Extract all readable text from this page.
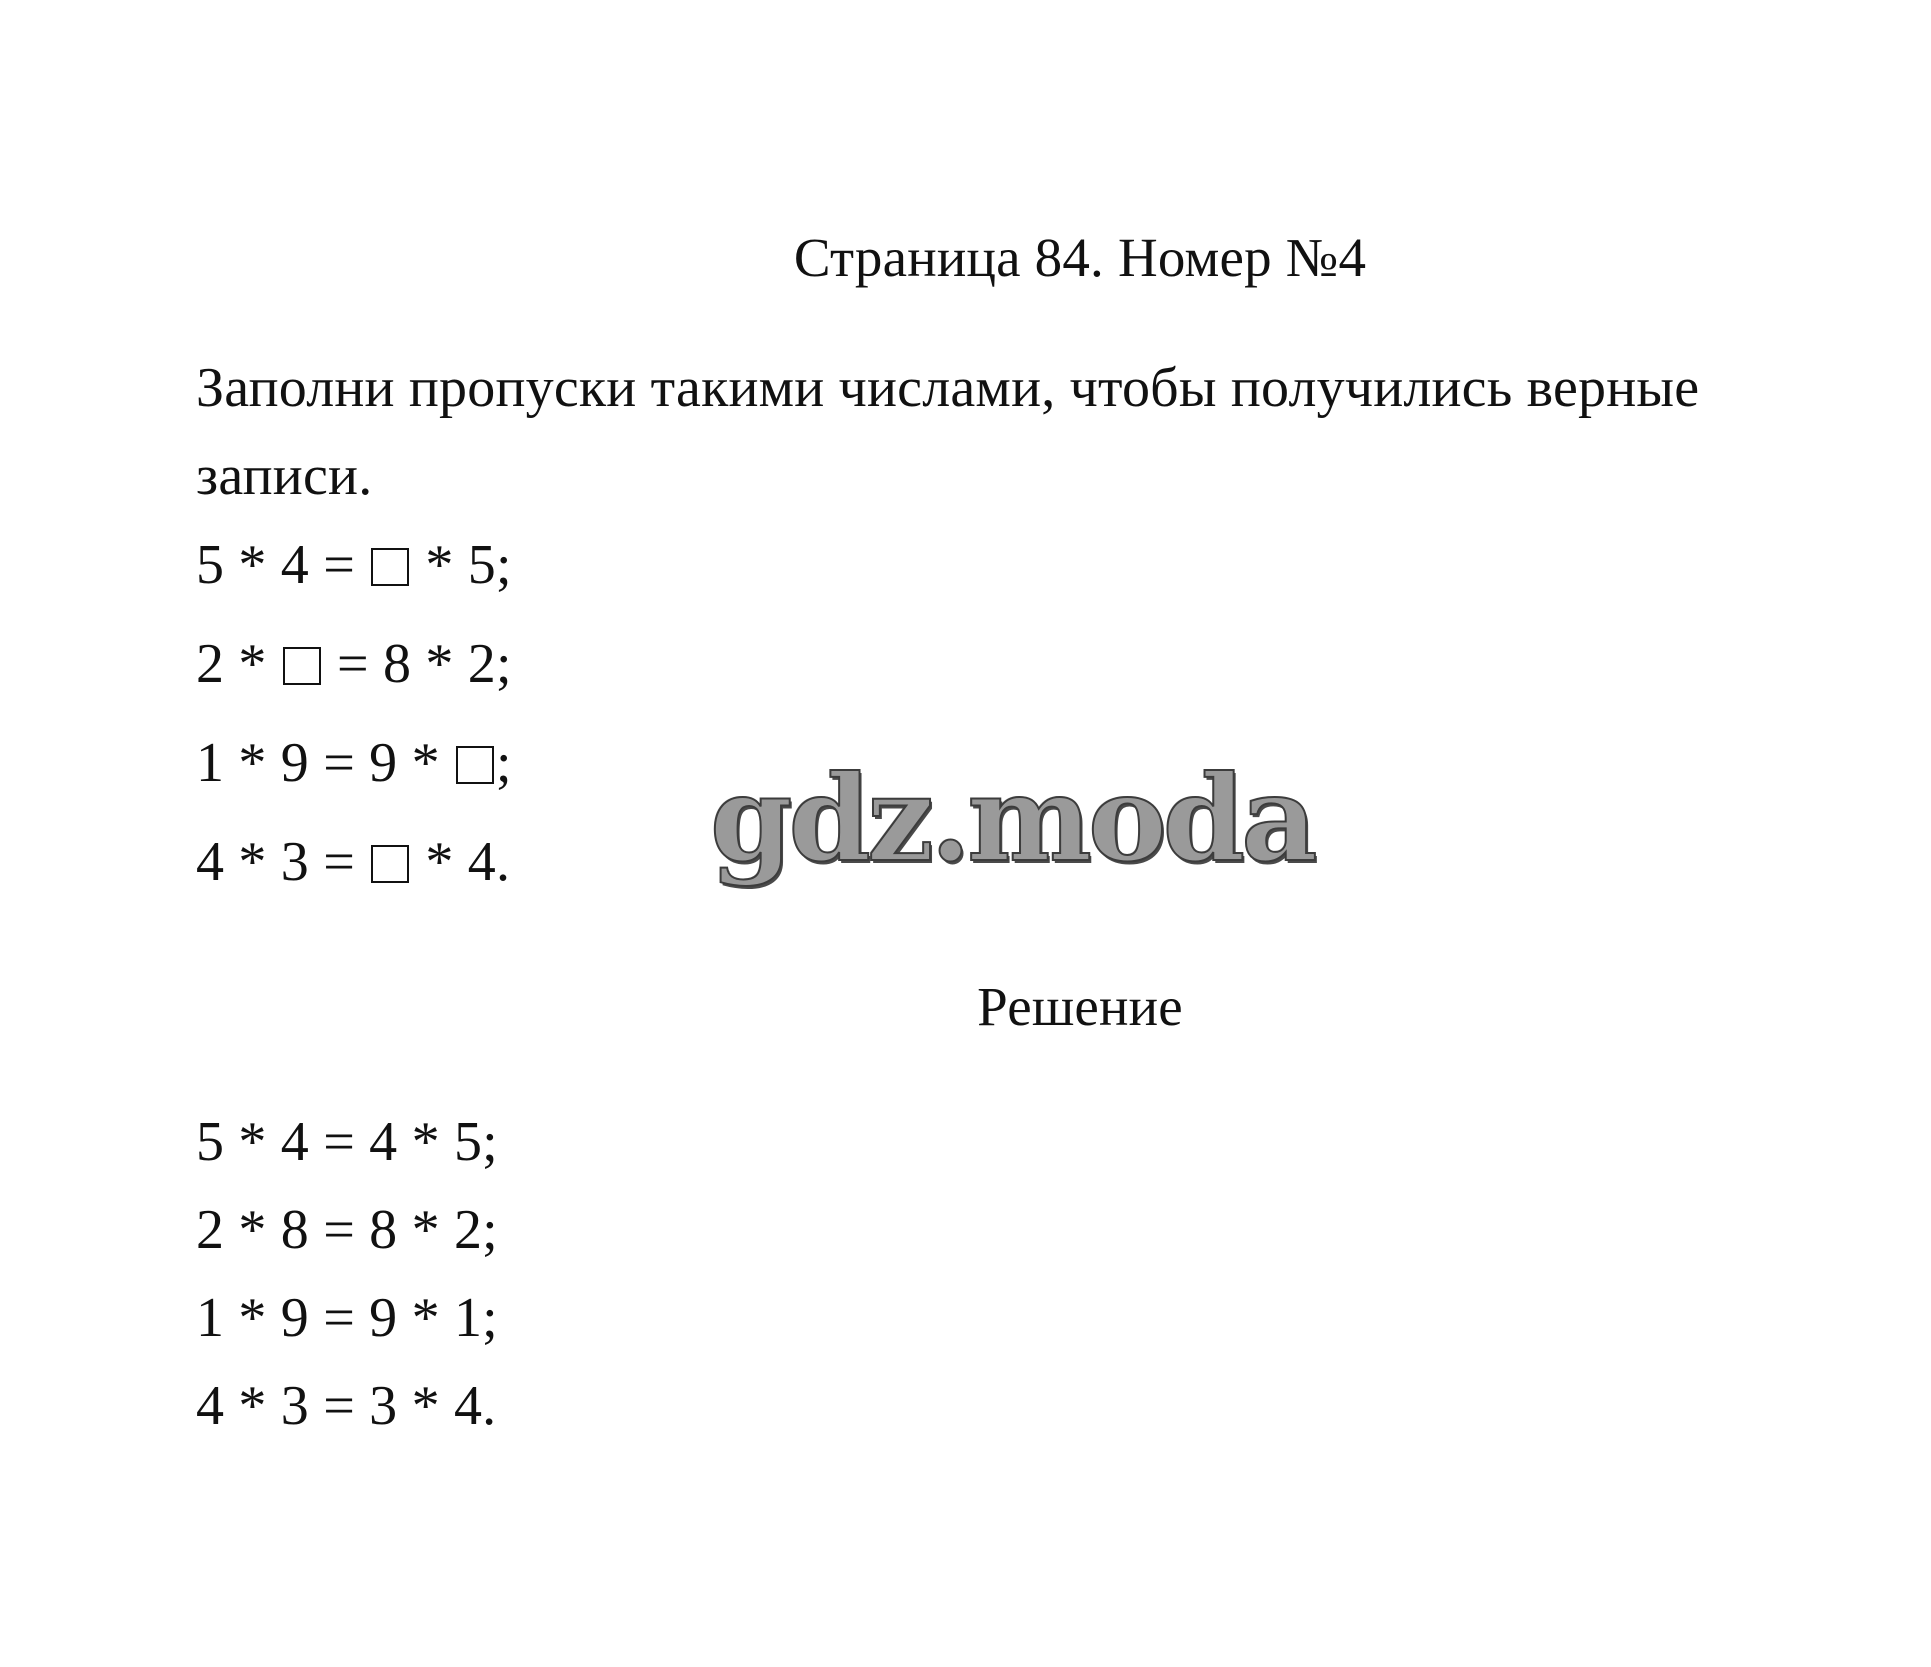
Страница 84. Номер №4
Заполни пропуски такими числами, чтобы получились верные
записи.
5 * 4 =  * 5;
2 *  = 8 * 2;
1 * 9 = 9 * ;
4 * 3 =  * 4. gdz.moda
Решение
5 * 4 = 4 * 5;
2 * 8 = 8 * 2;
1 * 9 = 9 * 1;
4 * 3 = 3 * 4.
